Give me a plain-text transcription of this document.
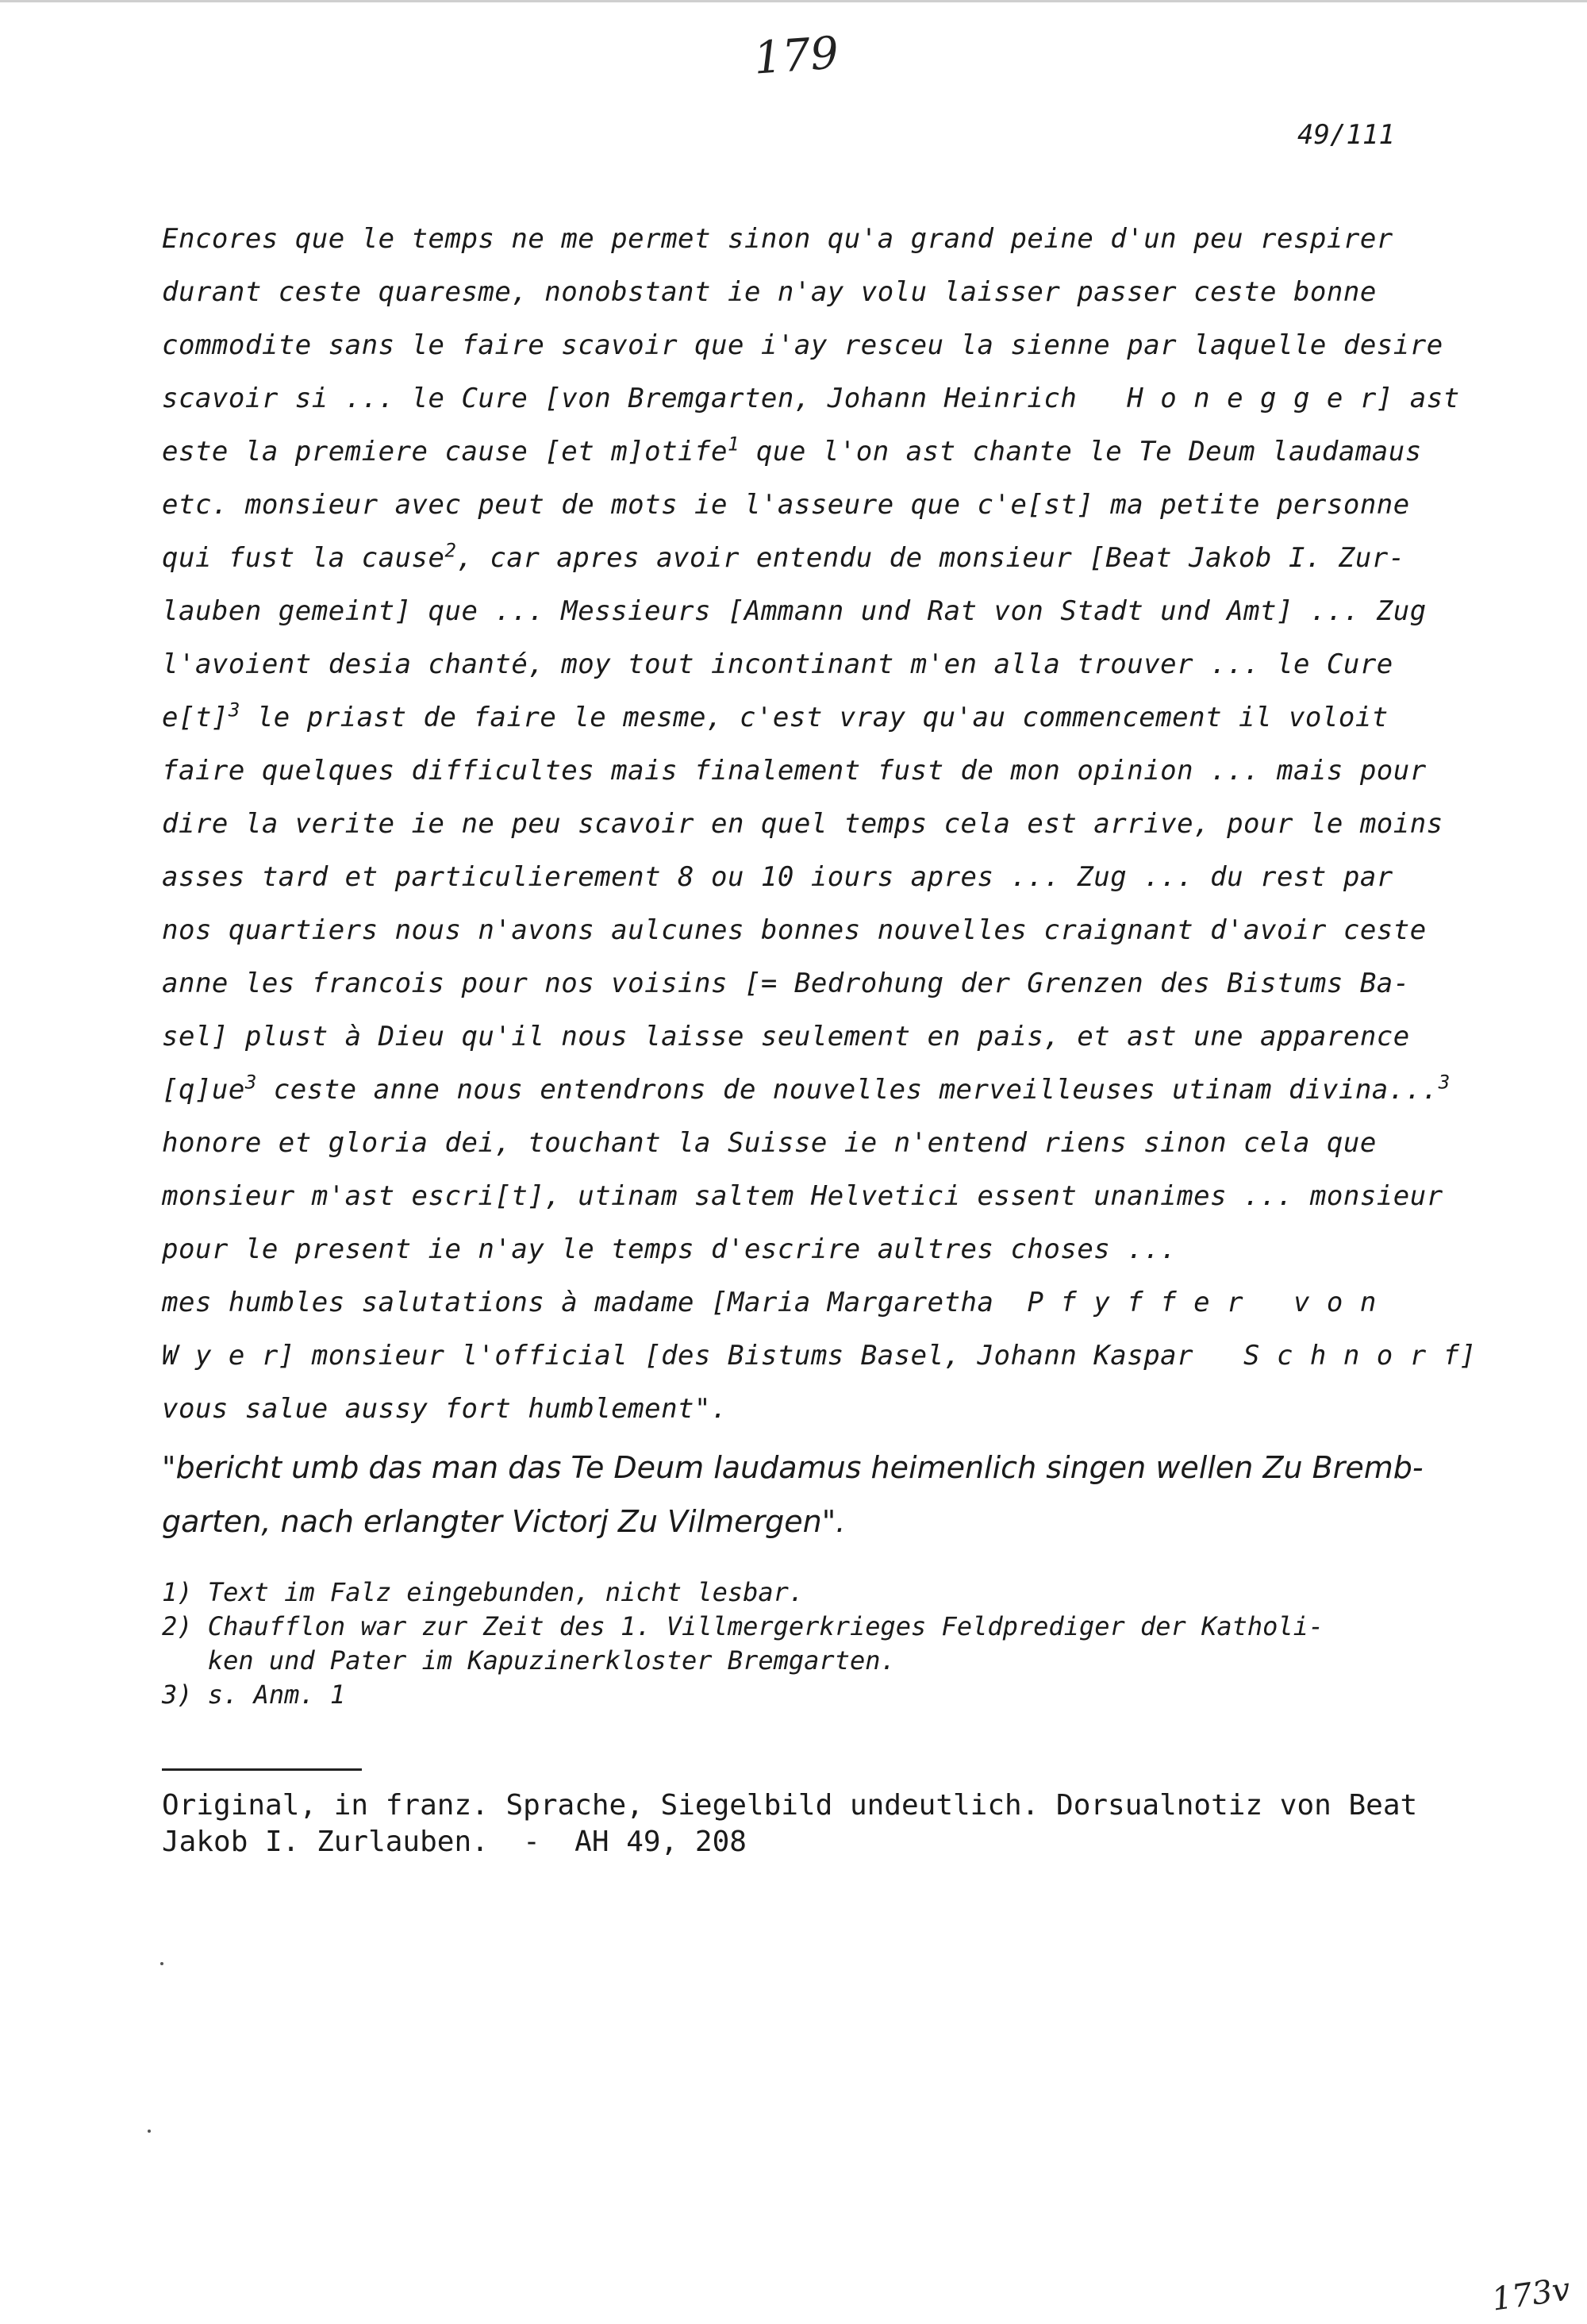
179
49/111
Encores que le temps ne me permet sinon qu'a grand peine d'un peu respirer
durant ceste quaresme, nonobstant ie n'ay volu laisser passer ceste bonne
commodite sans le faire scavoir que i'ay resceu la sienne par laquelle desire
scavoir si ... le Cure [von Bremgarten, Johann Heinrich H o n e g g e r] ast
este la premiere cause [et m]otife$^1$ que l'on ast chante le Te Deum laudamaus
etc. monsieur avec peut de mots ie l'asseure que c'e[st] ma petite personne
qui fust la cause$^2$, car apres avoir entendu de monsieur [Beat Jakob I. Zur-
lauben gemeint] que ... Messieurs [Ammann und Rat von Stadt und Amt] ... Zug
l'avoient desia chanté, moy tout incontinant m'en alla trouver ... le Cure
$e[t]^3$ le priast de faire le mesme, c'est vray qu'au commencement il voloit
faire quelques difficultes mais finalement fust de mon opinion ... mais pour
dire la verite ie ne peu scavoir en quel temps cela est arrive, pour le moins
asses tard et particulierement 8 ou 10 iours apres ... Zug ... du rest par
nos quartiers nous n'avons aulcunes bonnes nouvelles craignant d'avoir ceste
anne les francois pour nos voisins [= Bedrohung der Grenzen des Bistums Ba-
sel] plust à Dieu qu'il nous laisse seulement en pais, et ast une apparence
$[q]ue^3$ ceste anne nous entendrons de nouvelles merveilleuses utinam divina...$^3$
honore et gloria dei, touchant la Suisse ie n'entend riens sinon cela que
monsieur m'ast escri[t], utinam saltem Helvetici essent unanimes ... monsieur
pour le present ie n'ay le temps d'escrire aultres choses ...
mes humbles salutations à madame [Maria Margaretha P f y f f e r   v o n
W y e r] monsieur l'official [des Bistums Basel, Johann Kaspar S c h n o r f]
vous salue aussy fort humblement".
"bericht umb das man das Te Deum laudamus heimenlich singen wellen Zu Bremb-
garten, nach erlangter Victorj Zu Vilmergen".
1) Text im Falz eingebunden, nicht lesbar.
2) Chaufflon war zur Zeit des 1. Villmergerkrieges Feldprediger der Katholi-
ken und Pater im Kapuzinerkloster Bremgarten.
3) s. Anm. 1
Original, in franz. Sprache, Siegelbild undeutlich. Dorsualnotiz von Beat
Jakob I. Zurlauben.  -  AH 49, 208
173v
